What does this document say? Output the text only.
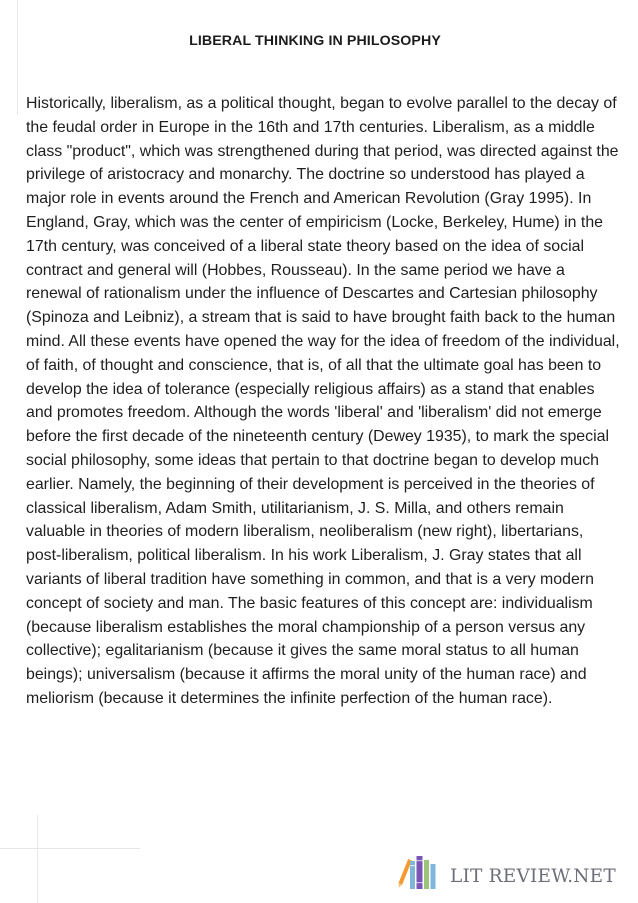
LIBERAL THINKING IN PHILOSOPHY

Historically, liberalism, as a political thought, began to evolve parallel to the decay of the feudal order in Europe in the 16th and 17th centuries. Liberalism, as a middle class "product", which was strengthened during that period, was directed against the privilege of aristocracy and monarchy. The doctrine so understood has played a major role in events around the French and American Revolution (Gray 1995). In England, Gray, which was the center of empiricism (Locke, Berkeley, Hume) in the 17th century, was conceived of a liberal state theory based on the idea of social contract and general will (Hobbes, Rousseau). In the same period we have a renewal of rationalism under the influence of Descartes and Cartesian philosophy (Spinoza and Leibniz), a stream that is said to have brought faith back to the human mind. All these events have opened the way for the idea of freedom of the individual, of faith, of thought and conscience, that is, of all that the ultimate goal has been to develop the idea of tolerance (especially religious affairs) as a stand that enables and promotes freedom. Although the words 'liberal' and 'liberalism' did not emerge before the first decade of the nineteenth century (Dewey 1935), to mark the special social philosophy, some ideas that pertain to that doctrine began to develop much earlier. Namely, the beginning of their development is perceived in the theories of classical liberalism, Adam Smith, utilitarianism, J. S. Milla, and others remain valuable in theories of modern liberalism, neoliberalism (new right), libertarians, post-liberalism, political liberalism. In his work Liberalism, J. Gray states that all variants of liberal tradition have something in common, and that is a very modern concept of society and man. The basic features of this concept are: individualism (because liberalism establishes the moral championship of a person versus any collective); egalitarianism (because it gives the same moral status to all human beings); universalism (because it affirms the moral unity of the human race) and meliorism (because it determines the infinite perfection of the human race).

LIT REVIEW.NET
